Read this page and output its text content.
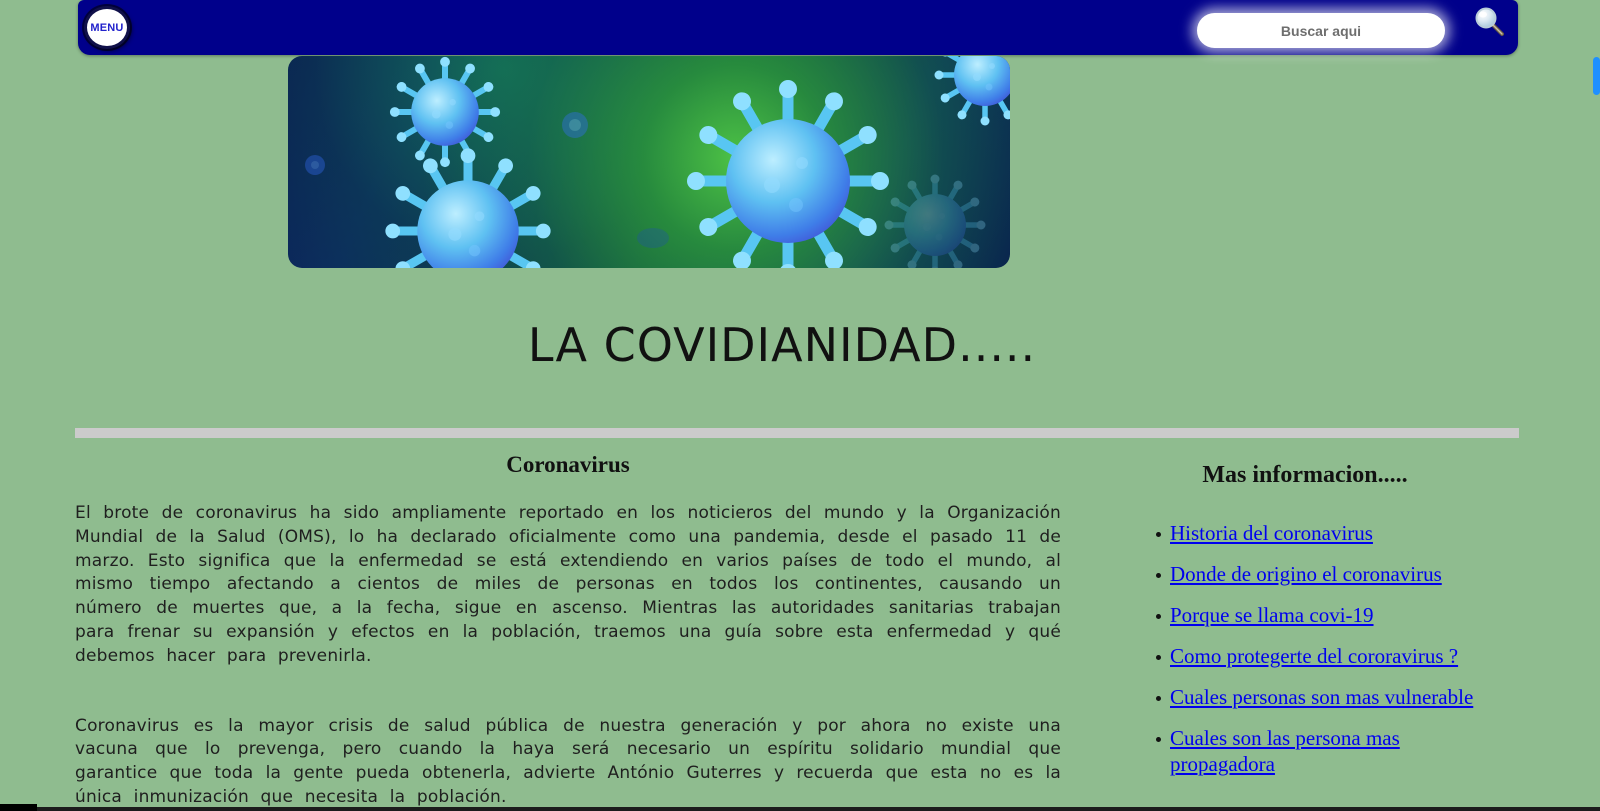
MENU
Buscar aqui
LA COVIDIANIDAD.....
Coronavirus

El brote de coronavirus ha sido ampliamente reportado en los noticieros del mundo y la Organización Mundial de la Salud (OMS), lo ha declarado oficialmente como una pandemia, desde el pasado 11 de marzo. Esto significa que la enfermedad se está extendiendo en varios países de todo el mundo, al mismo tiempo afectando a cientos de miles de personas en todos los continentes, causando un número de muertes que, a la fecha, sigue en ascenso. Mientras las autoridades sanitarias trabajan para frenar su expansión y efectos en la población, traemos una guía sobre esta enfermedad y qué debemos hacer para prevenirla.

Coronavirus es la mayor crisis de salud pública de nuestra generación y por ahora no existe una vacuna que lo prevenga, pero cuando la haya será necesario un espíritu solidario mundial que garantice que toda la gente pueda obtenerla, advierte António Guterres y recuerda que esta no es la única inmunización que necesita la población.

Mas informacion.....
Historia del coronavirus
Donde de origino el coronavirus
Porque se llama covi-19
Como protegerte del cororavirus ?
Cuales personas son mas vulnerable
Cuales son las persona mas propagadora
